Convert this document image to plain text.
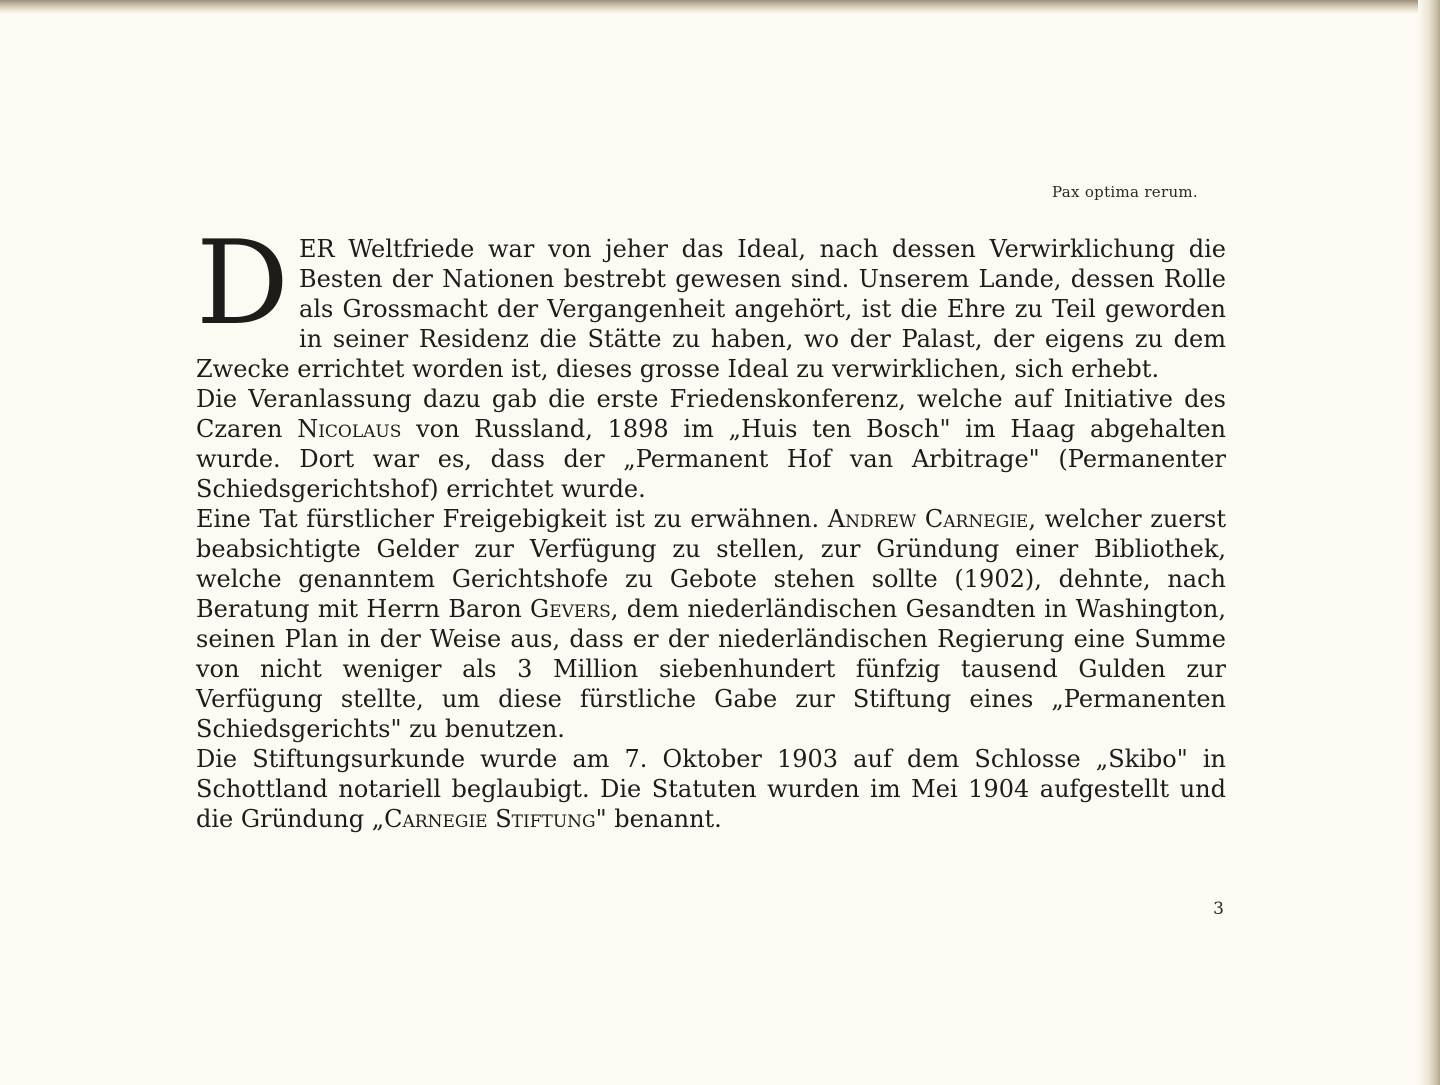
Pax optima rerum.

DER Weltfriede war von jeher das Ideal, nach dessen Verwirklichung die Besten der Nationen bestrebt gewesen sind. Unserem Lande, dessen Rolle als Grossmacht der Vergangenheit angehört, ist die Ehre zu Teil geworden in seiner Residenz die Stätte zu haben, wo der Palast, der eigens zu dem Zwecke errichtet worden ist, dieses grosse Ideal zu verwirklichen, sich erhebt.

Die Veranlassung dazu gab die erste Friedenskonferenz, welche auf Initiative des Czaren Nicolaus von Russland, 1898 im „Huis ten Bosch" im Haag abgehalten wurde. Dort war es, dass der „Permanent Hof van Arbitrage" (Permanenter Schiedsgerichtshof) errichtet wurde.

Eine Tat fürstlicher Freigebigkeit ist zu erwähnen. Andrew Carnegie, welcher zuerst beabsichtigte Gelder zur Verfügung zu stellen, zur Gründung einer Bibliothek, welche genanntem Gerichtshofe zu Gebote stehen sollte (1902), dehnte, nach Beratung mit Herrn Baron Gevers, dem niederländischen Gesandten in Washington, seinen Plan in der Weise aus, dass er der niederländischen Regierung eine Summe von nicht weniger als 3 Million siebenhundert fünfzig tausend Gulden zur Verfügung stellte, um diese fürstliche Gabe zur Stiftung eines „Permanenten Schiedsgerichts" zu benutzen.

Die Stiftungsurkunde wurde am 7. Oktober 1903 auf dem Schlosse „Skibo" in Schottland notariell beglaubigt. Die Statuten wurden im Mei 1904 aufgestellt und die Gründung „Carnegie Stiftung" benannt.

3
